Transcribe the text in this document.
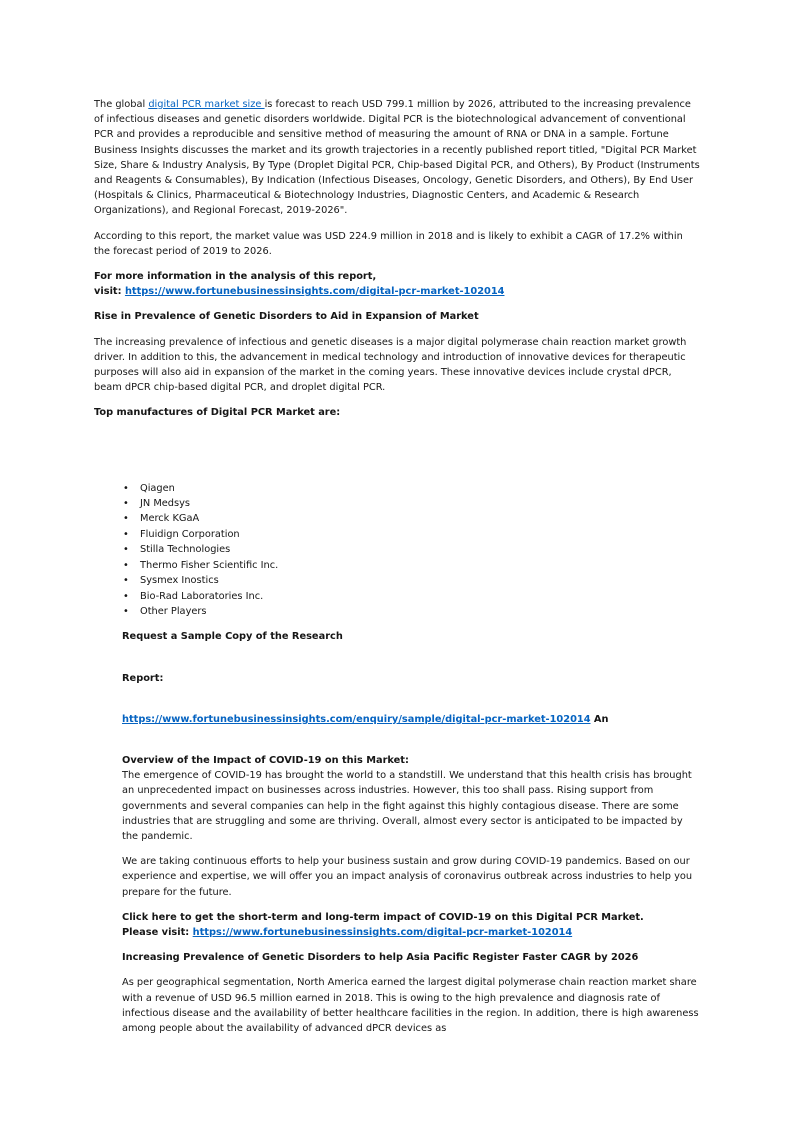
The global digital PCR market size is forecast to reach USD 799.1 million by 2026, attributed to the increasing prevalence of infectious diseases and genetic disorders worldwide. Digital PCR is the biotechnological advancement of conventional PCR and provides a reproducible and sensitive method of measuring the amount of RNA or DNA in a sample. Fortune Business Insights discusses the market and its growth trajectories in a recently published report titled, "Digital PCR Market Size, Share & Industry Analysis, By Type (Droplet Digital PCR, Chip-based Digital PCR, and Others), By Product (Instruments and Reagents & Consumables), By Indication (Infectious Diseases, Oncology, Genetic Disorders, and Others), By End User (Hospitals & Clinics, Pharmaceutical & Biotechnology Industries, Diagnostic Centers, and Academic & Research Organizations), and Regional Forecast, 2019-2026".

According to this report, the market value was USD 224.9 million in 2018 and is likely to exhibit a CAGR of 17.2% within the forecast period of 2019 to 2026.

For more information in the analysis of this report,
visit: https://www.fortunebusinessinsights.com/digital-pcr-market-102014

Rise in Prevalence of Genetic Disorders to Aid in Expansion of Market

The increasing prevalence of infectious and genetic diseases is a major digital polymerase chain reaction market growth driver. In addition to this, the advancement in medical technology and introduction of innovative devices for therapeutic purposes will also aid in expansion of the market in the coming years. These innovative devices include crystal dPCR, beam dPCR chip-based digital PCR, and droplet digital PCR.

Top manufactures of Digital PCR Market are:

• Qiagen
• JN Medsys
• Merck KGaA
• Fluidign Corporation
• Stilla Technologies
• Thermo Fisher Scientific Inc.
• Sysmex Inostics
• Bio-Rad Laboratories Inc.
• Other Players

Request a Sample Copy of the Research

Report:

https://www.fortunebusinessinsights.com/enquiry/sample/digital-pcr-market-102014 An

Overview of the Impact of COVID-19 on this Market:
The emergence of COVID-19 has brought the world to a standstill. We understand that this health crisis has brought an unprecedented impact on businesses across industries. However, this too shall pass. Rising support from governments and several companies can help in the fight against this highly contagious disease. There are some industries that are struggling and some are thriving. Overall, almost every sector is anticipated to be impacted by the pandemic.

We are taking continuous efforts to help your business sustain and grow during COVID-19 pandemics. Based on our experience and expertise, we will offer you an impact analysis of coronavirus outbreak across industries to help you prepare for the future.

Click here to get the short-term and long-term impact of COVID-19 on this Digital PCR Market.
Please visit: https://www.fortunebusinessinsights.com/digital-pcr-market-102014

Increasing Prevalence of Genetic Disorders to help Asia Pacific Register Faster CAGR by 2026

As per geographical segmentation, North America earned the largest digital polymerase chain reaction market share with a revenue of USD 96.5 million earned in 2018. This is owing to the high prevalence and diagnosis rate of infectious disease and the availability of better healthcare facilities in the region. In addition, there is high awareness among people about the availability of advanced dPCR devices as
